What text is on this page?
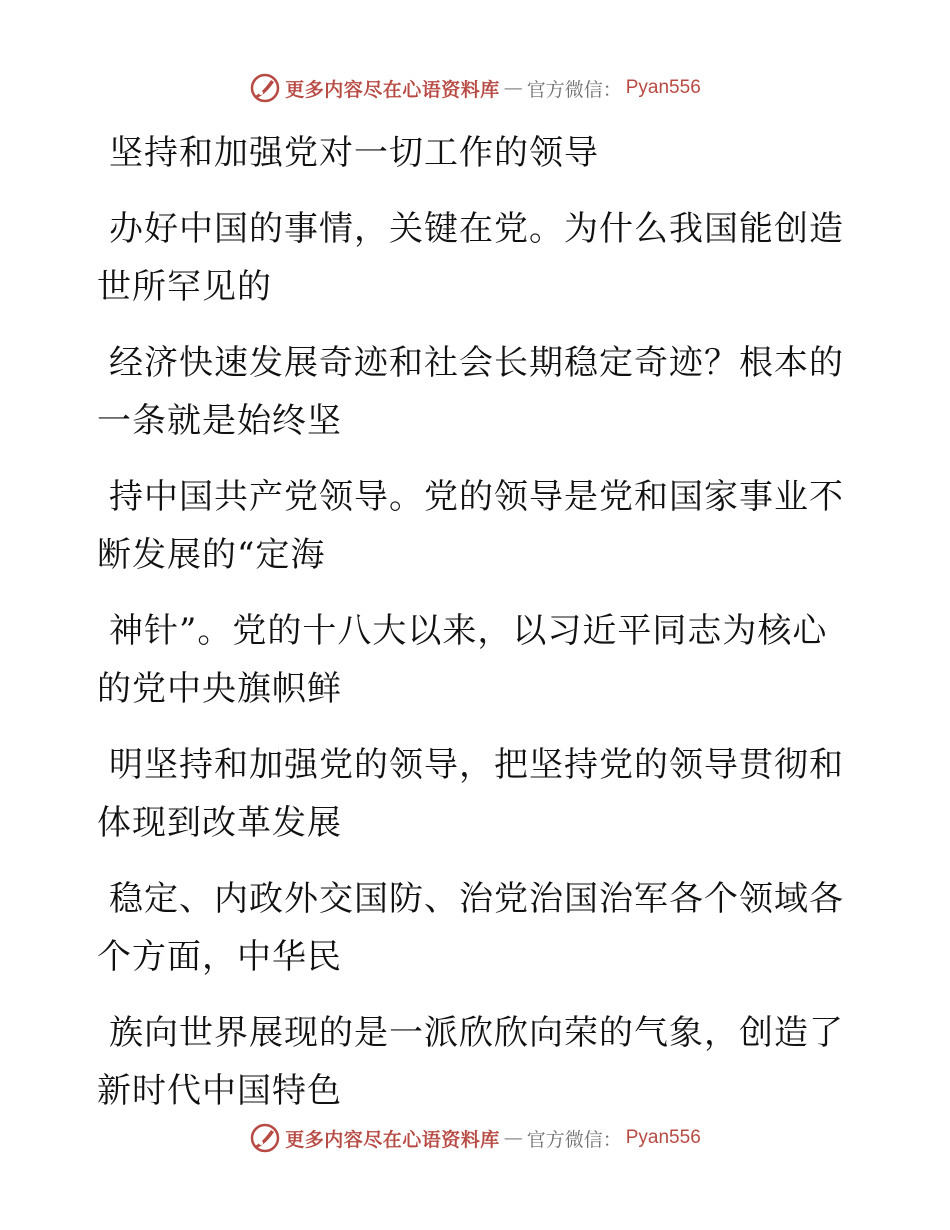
更多内容尽在心语资料库 — 官方微信： Pyan556
坚持和加强党对一切工作的领导
办好中国的事情，关键在党。为什么我国能创造
世所罕见的
经济快速发展奇迹和社会长期稳定奇迹？根本的
一条就是始终坚
持中国共产党领导。党的领导是党和国家事业不
断发展的“定海
神针”。党的十八大以来，以习近平同志为核心
的党中央旗帜鲜
明坚持和加强党的领导，把坚持党的领导贯彻和
体现到改革发展
稳定、内政外交国防、治党治国治军各个领域各
个方面，中华民
族向世界展现的是一派欣欣向荣的气象，创造了
新时代中国特色
更多内容尽在心语资料库 — 官方微信： Pyan556
